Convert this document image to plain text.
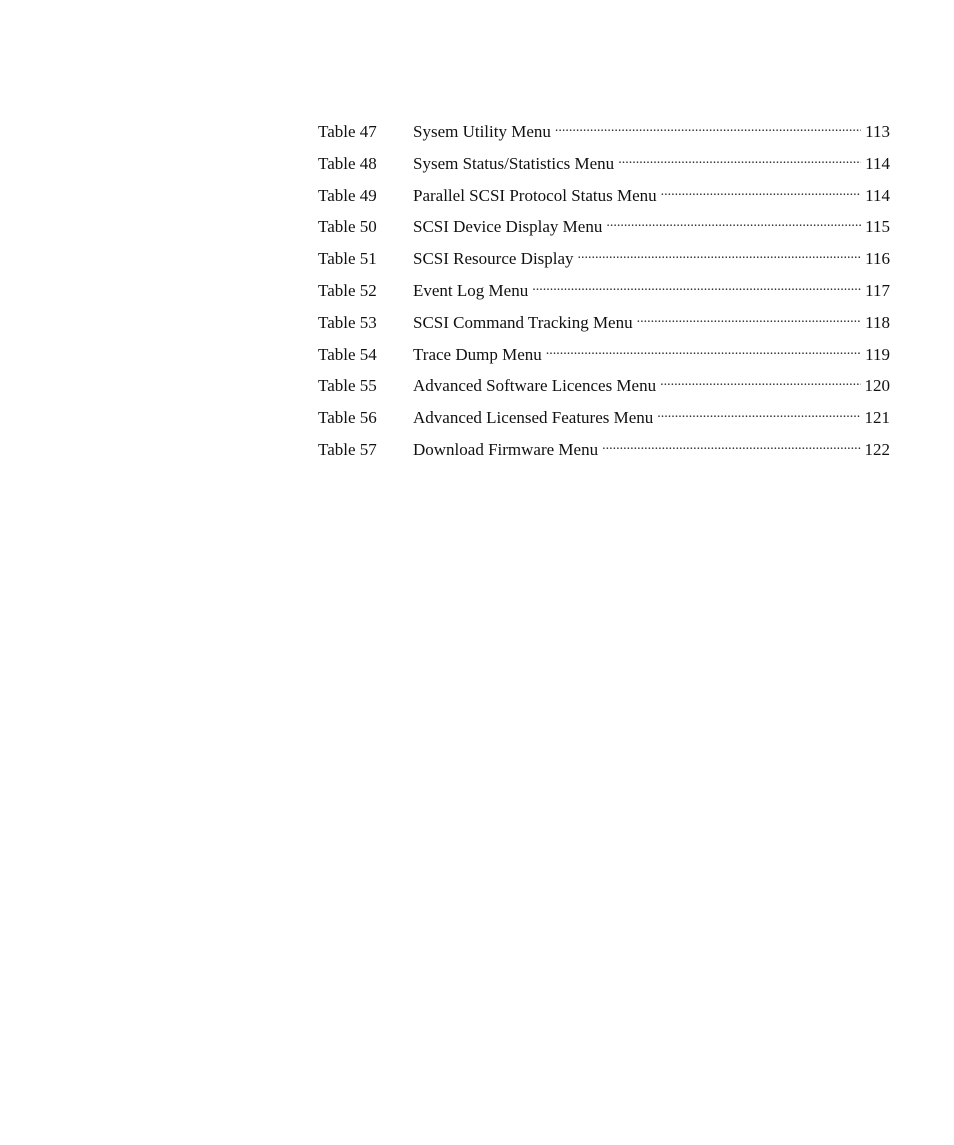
Table 47	Sysem Utility Menu .....	113
Table 48	Sysem Status/Statistics Menu .....	114
Table 49	Parallel SCSI Protocol Status Menu .....	114
Table 50	SCSI Device Display Menu .....	115
Table 51	SCSI Resource Display .....	116
Table 52	Event Log Menu .....	117
Table 53	SCSI Command Tracking Menu .....	118
Table 54	Trace Dump Menu .....	119
Table 55	Advanced Software Licences Menu .....	120
Table 56	Advanced Licensed Features Menu .....	121
Table 57	Download Firmware Menu .....	122
